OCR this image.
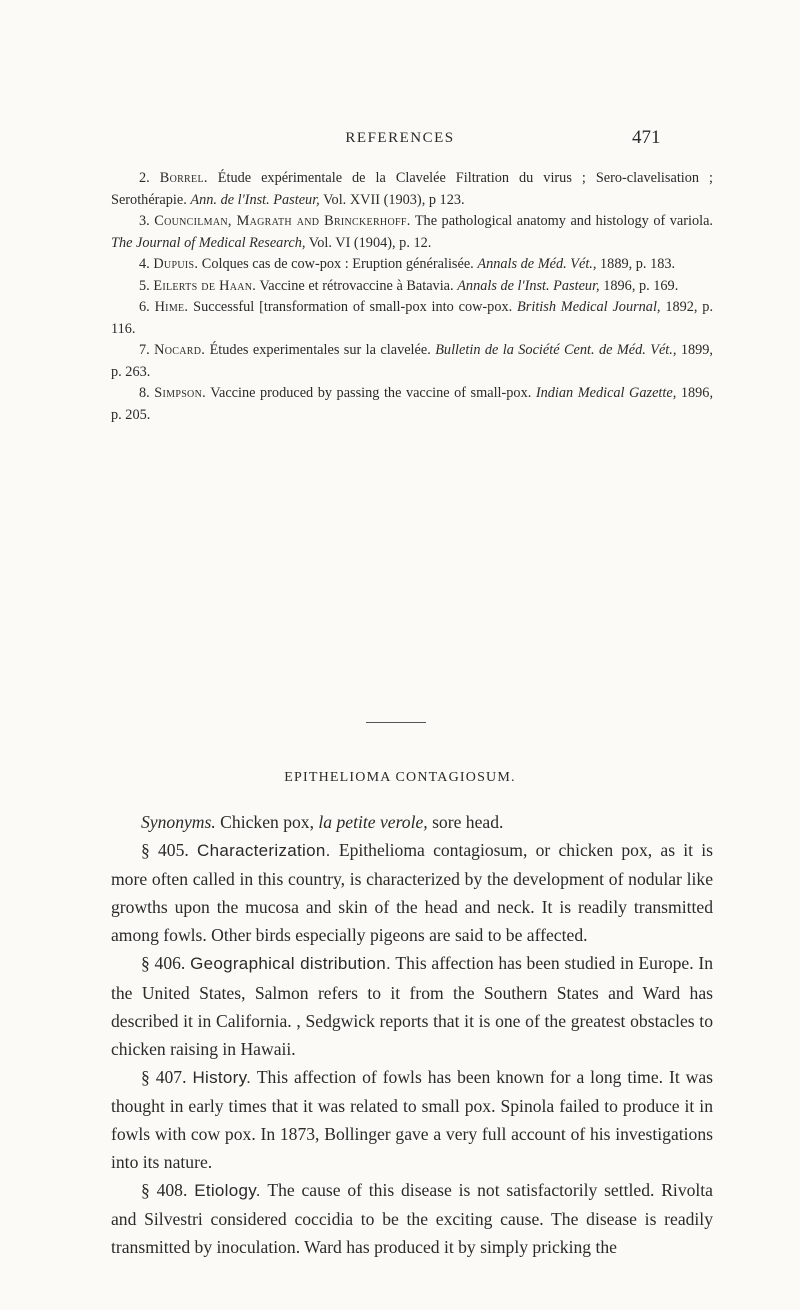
REFERENCES	471

2. Borrel. Étude expérimentale de la Clavelée Filtration du virus ; Sero-clavelisation ; Serothérapie. Ann. de l'Inst. Pasteur, Vol. XVII (1903), p 123.

3. Councilman, Magrath and Brinckerhoff. The pathological anatomy and histology of variola. The Journal of Medical Research, Vol. VI (1904), p. 12.

4. Dupuis. Colques cas de cow-pox : Eruption généralisée. Annals de Méd. Vét., 1889, p. 183.

5. Eilerts de Haan. Vaccine et rétrovaccine à Batavia. Annals de l'Inst. Pasteur, 1896, p. 169.

6. Hime. Successful [transformation of small-pox into cow-pox. British Medical Journal, 1892, p. 116.

7. Nocard. Études experimentales sur la clavelée. Bulletin de la Société Cent. de Méd. Vét., 1899, p. 263.

8. Simpson. Vaccine produced by passing the vaccine of small-pox. Indian Medical Gazette, 1896, p. 205.

EPITHELIOMA CONTAGIOSUM.

Synonyms. Chicken pox, la petite verole, sore head.

§ 405. Characterization. Epithelioma contagiosum, or chicken pox, as it is more often called in this country, is characterized by the development of nodular like growths upon the mucosa and skin of the head and neck. It is readily transmitted among fowls. Other birds especially pigeons are said to be affected.

§ 406. Geographical distribution. This affection has been studied in Europe. In the United States, Salmon refers to it from the Southern States and Ward has described it in California. , Sedgwick reports that it is one of the greatest obstacles to chicken raising in Hawaii.

§ 407. History. This affection of fowls has been known for a long time. It was thought in early times that it was related to small pox. Spinola failed to produce it in fowls with cow pox. In 1873, Bollinger gave a very full account of his investigations into its nature.

§ 408. Etiology. The cause of this disease is not satisfactorily settled. Rivolta and Silvestri considered coccidia to be the exciting cause. The disease is readily transmitted by inoculation. Ward has produced it by simply pricking the
